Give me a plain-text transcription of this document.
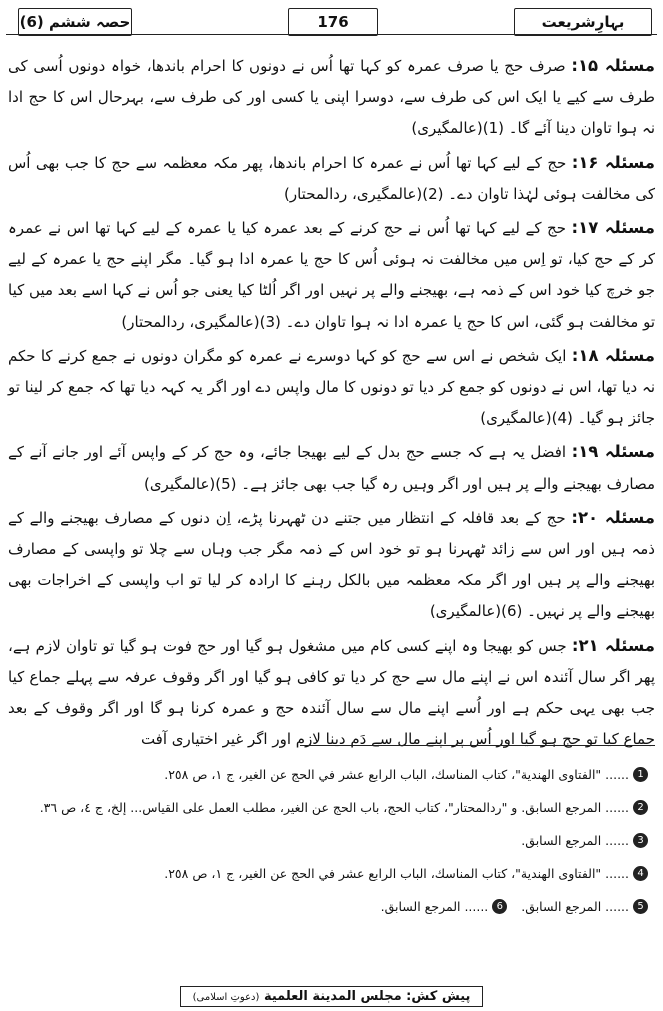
حصہ ششم (6)	176	بہارِشریعت

مسئلہ ۱۵: صرف حج یا صرف عمرہ کو کہا تھا اُس نے دونوں کا احرام باندھا، خواہ دونوں اُسی کی طرف سے کیے یا ایک اس کی طرف سے، دوسرا اپنی یا کسی اور کی طرف سے، بہرحال اس کا حج ادا نہ ہوا تاوان دینا آئے گا۔ (1)(عالمگیری)

مسئلہ ۱۶: حج کے لیے کہا تھا اُس نے عمرہ کا احرام باندھا، پھر مکہ معظمہ سے حج کا جب بھی اُس کی مخالفت ہوئی لہٰذا تاوان دے۔ (2)(عالمگیری، ردالمحتار)

مسئلہ ۱۷: حج کے لیے کہا تھا اُس نے حج کرنے کے بعد عمرہ کیا یا عمرہ کے لیے کہا تھا اس نے عمرہ کر کے حج کیا، تو اِس میں مخالفت نہ ہوئی اُس کا حج یا عمرہ ادا ہو گیا۔ مگر اپنے حج یا عمرہ کے لیے جو خرچ کیا خود اس کے ذمہ ہے، بھیجنے والے پر نہیں اور اگر اُلٹا کیا یعنی جو اُس نے کہا اسے بعد میں کیا تو مخالفت ہو گئی، اس کا حج یا عمرہ ادا نہ ہوا تاوان دے۔ (3)(عالمگیری، ردالمحتار)

مسئلہ ۱۸: ایک شخص نے اس سے حج کو کہا دوسرے نے عمرہ کو مگران دونوں نے جمع کرنے کا حکم نہ دیا تھا، اس نے دونوں کو جمع کر دیا تو دونوں کا مال واپس دے اور اگر یہ کہہ دیا تھا کہ جمع کر لینا تو جائز ہو گیا۔ (4)(عالمگیری)

مسئلہ ۱۹: افضل یہ ہے کہ جسے حج بدل کے لیے بھیجا جائے، وہ حج کر کے واپس آئے اور جانے آنے کے مصارف بھیجنے والے پر ہیں اور اگر وہیں رہ گیا جب بھی جائز ہے۔ (5)(عالمگیری)

مسئلہ ۲۰: حج کے بعد قافلہ کے انتظار میں جتنے دن ٹھہرنا پڑے، اِن دنوں کے مصارف بھیجنے والے کے ذمہ ہیں اور اس سے زائد ٹھہرنا ہو تو خود اس کے ذمہ مگر جب وہاں سے چلا تو واپسی کے مصارف بھیجنے والے پر ہیں اور اگر مکہ معظمہ میں بالکل رہنے کا ارادہ کر لیا تو اب واپسی کے اخراجات بھی بھیجنے والے پر نہیں۔ (6)(عالمگیری)

مسئلہ ۲۱: جس کو بھیجا وہ اپنے کسی کام میں مشغول ہو گیا اور حج فوت ہو گیا تو تاوان لازم ہے، پھر اگر سال آئندہ اس نے اپنے مال سے حج کر دیا تو کافی ہو گیا اور اگر وقوف عرفہ سے پہلے جماع کیا جب بھی یہی حکم ہے اور اُسے اپنے مال سے سال آئندہ حج و عمرہ کرنا ہو گا اور اگر وقوف کے بعد جماع کیا تو حج ہو گیا اور اُس پر اپنے مال سے دَم دینا لازم اور اگر غیر اختیاری آفت

1
...... "الفتاوى الهندية"، كتاب المناسك، الباب الرابع عشر في الحج عن الغير، ج ١، ص ٢٥٨.
2
...... المرجع السابق. و "ردالمحتار"، كتاب الحج، باب الحج عن الغير، مطلب العمل على القياس... إلخ، ج ٤، ص ٣٦.
3
...... المرجع السابق.
4
...... "الفتاوى الهندية"، كتاب المناسك، الباب الرابع عشر في الحج عن الغير، ج ١، ص ٢٥٨.
5
...... المرجع السابق.
6
...... المرجع السابق.
پیش کش: مجلس المدینة العلمیة (دعوتِ اسلامی)
